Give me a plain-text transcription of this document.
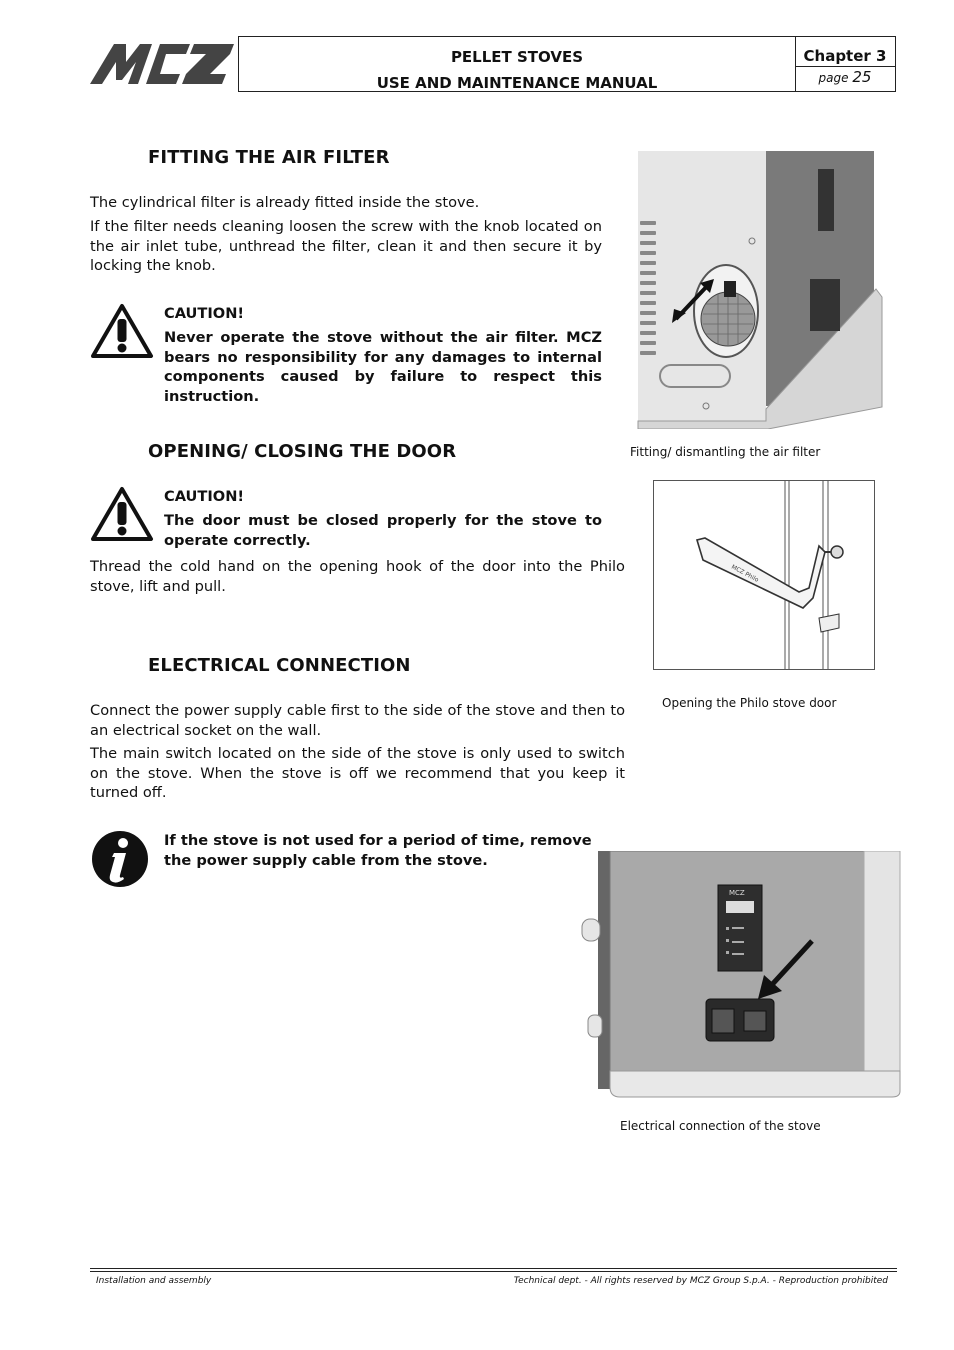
PELLET STOVES
USE AND MAINTENANCE MANUAL
Chapter 3
page 25
FITTING THE AIR FILTER
The cylindrical filter is already fitted inside the stove.
If the filter needs cleaning loosen the screw with the knob located on the air inlet tube, unthread the filter, clean it and then secure it by locking the knob.
CAUTION!
Never operate the stove without the air filter. MCZ bears no responsibility for any damages to internal components caused by failure to respect this instruction.
Fitting/ dismantling the air filter
OPENING/ CLOSING THE DOOR
CAUTION!
The door must be closed properly for the stove to operate correctly.
Thread the cold hand on the opening hook of the door into the Philo stove, lift and pull.
MCZ Philo
Opening the Philo stove door
ELECTRICAL CONNECTION
Connect the power supply cable first to the side of the stove and then to an electrical socket on the wall.
The main switch located on the side of the stove is only used to switch on the stove. When the stove is off we recommend that you keep it turned off.
If the stove is not used for a period of time, remove the power supply cable from the stove.
MCZ
Electrical connection of the stove
Installation and assembly	Technical dept. - All rights reserved by MCZ Group S.p.A. - Reproduction prohibited
